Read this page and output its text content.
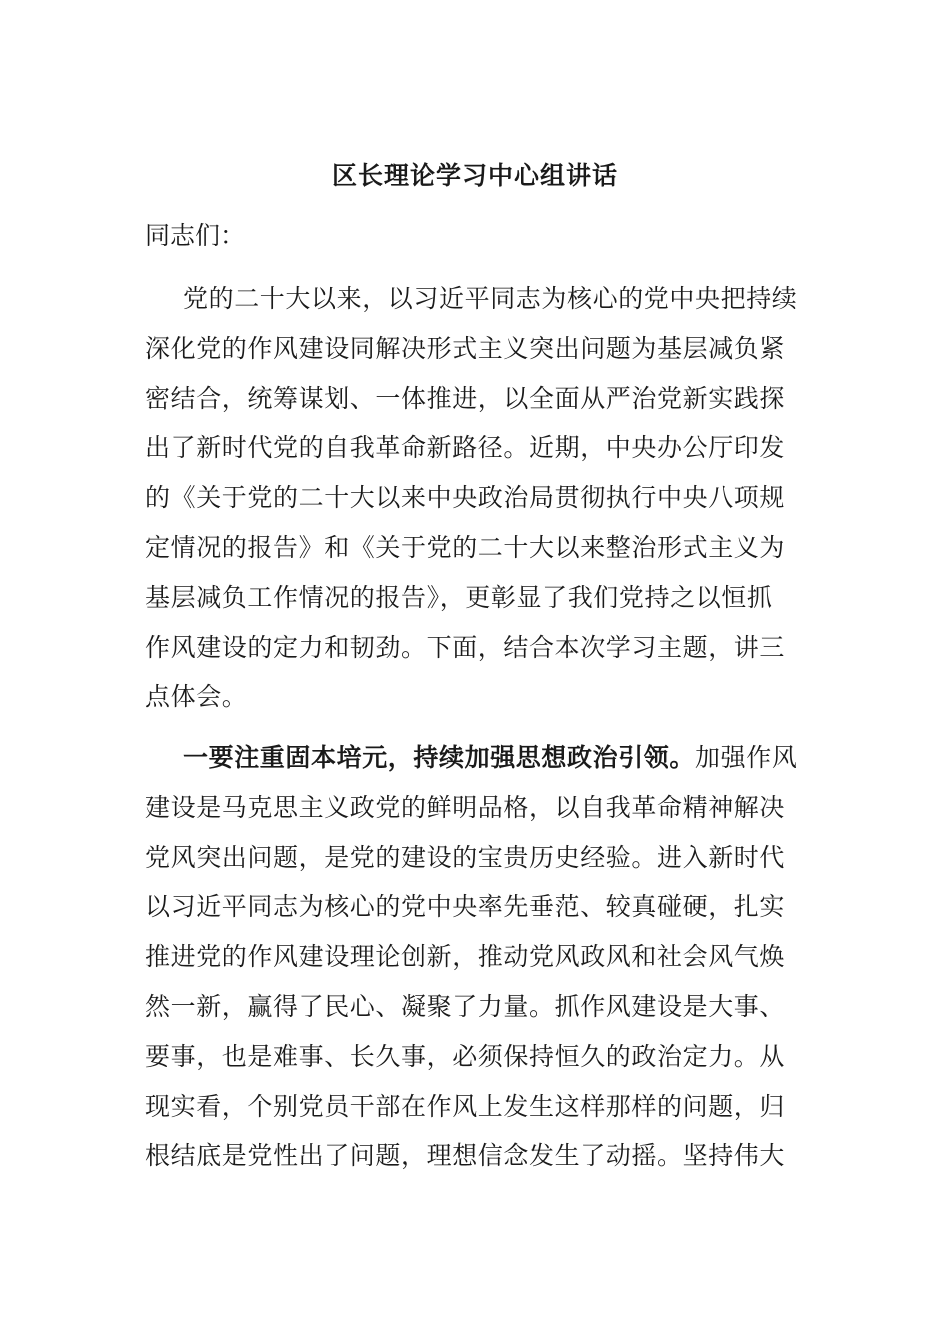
区长理论学习中心组讲话
同志们：
党的二十大以来，以习近平同志为核心的党中央把持续
深化党的作风建设同解决形式主义突出问题为基层减负紧
密结合，统筹谋划、一体推进，以全面从严治党新实践探
出了新时代党的自我革命新路径。近期，中央办公厅印发
的《关于党的二十大以来中央政治局贯彻执行中央八项规
定情况的报告》和《关于党的二十大以来整治形式主义为
基层减负工作情况的报告》，更彰显了我们党持之以恒抓
作风建设的定力和韧劲。下面，结合本次学习主题，讲三
点体会。
一要注重固本培元，持续加强思想政治引领。加强作风
建设是马克思主义政党的鲜明品格，以自我革命精神解决
党风突出问题，是党的建设的宝贵历史经验。进入新时代
以习近平同志为核心的党中央率先垂范、较真碰硬，扎实
推进党的作风建设理论创新，推动党风政风和社会风气焕
然一新，赢得了民心、凝聚了力量。抓作风建设是大事、
要事，也是难事、长久事，必须保持恒久的政治定力。从
现实看，个别党员干部在作风上发生这样那样的问题，归
根结底是党性出了问题，理想信念发生了动摇。坚持伟大
